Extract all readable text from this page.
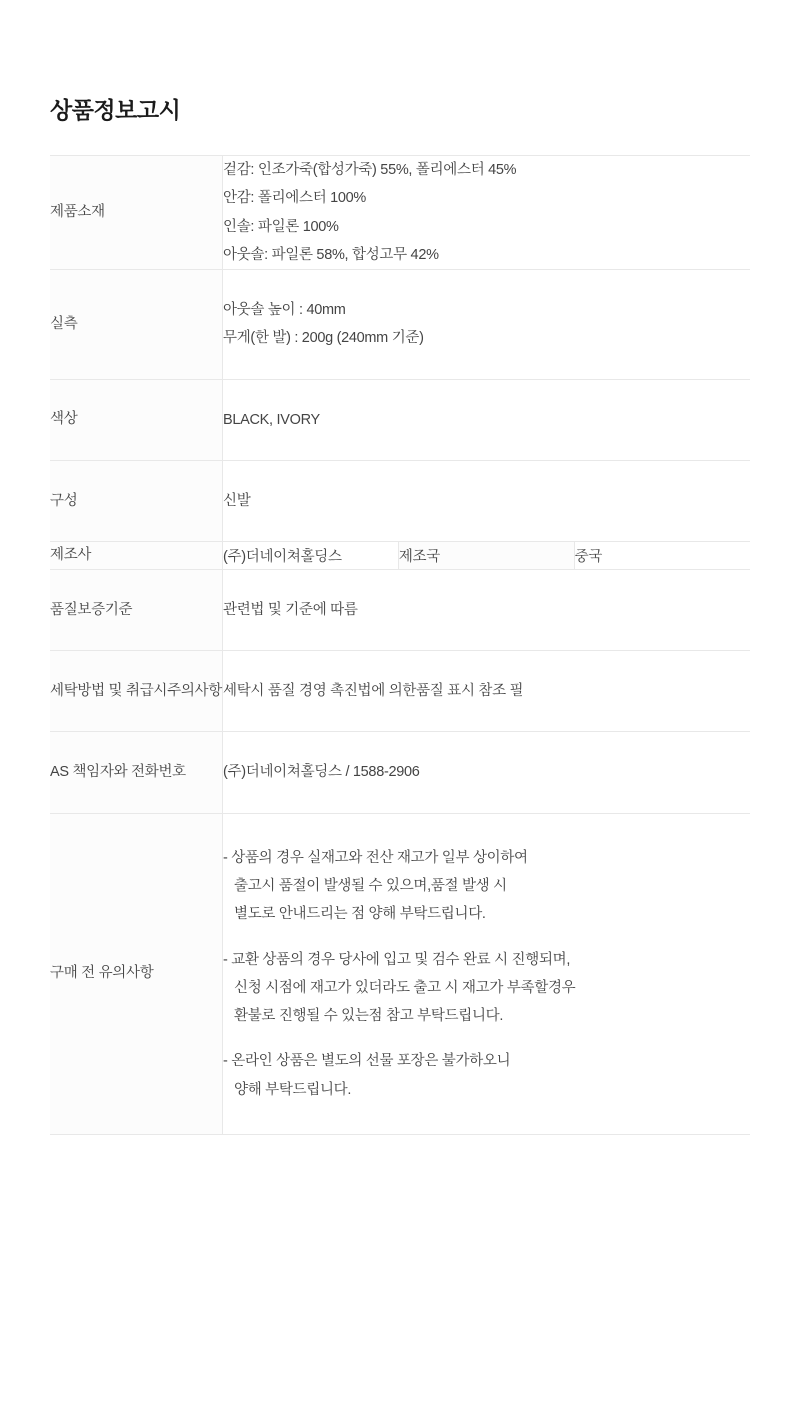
상품정보고시
제품소재	겉감: 인조가죽(합성가죽) 55%, 폴리에스터 45%
안감: 폴리에스터 100%
인솔: 파일론 100%
아웃솔: 파일론 58%, 합성고무 42%		

실측	아웃솔 높이 : 40mm
무게(한 발) : 200g (240mm 기준)		

색상	BLACK, IVORY		

구성	신발		

제조사	(주)더네이쳐홀딩스	제조국	중국
품질보증기준	관련법 및 기준에 따름		

세탁방법 및 취급시주의사항	세탁시 품질 경영 촉진법에 의한품질 표시 참조 필		

AS 책임자와 전화번호	(주)더네이쳐홀딩스 / 1588-2906		

구매 전 유의사항	
- 상품의 경우 실재고와 전산 재고가 일부 상이하여
출고시 품절이 발생될 수 있으며,품절 발생 시
별도로 안내드리는 점 양해 부탁드립니다.
- 교환 상품의 경우 당사에 입고 및 검수 완료 시 진행되며,
신청 시점에 재고가 있더라도 출고 시 재고가 부족할경우
환불로 진행될 수 있는점 참고 부탁드립니다.
- 온라인 상품은 별도의 선물 포장은 불가하오니
양해 부탁드립니다.
